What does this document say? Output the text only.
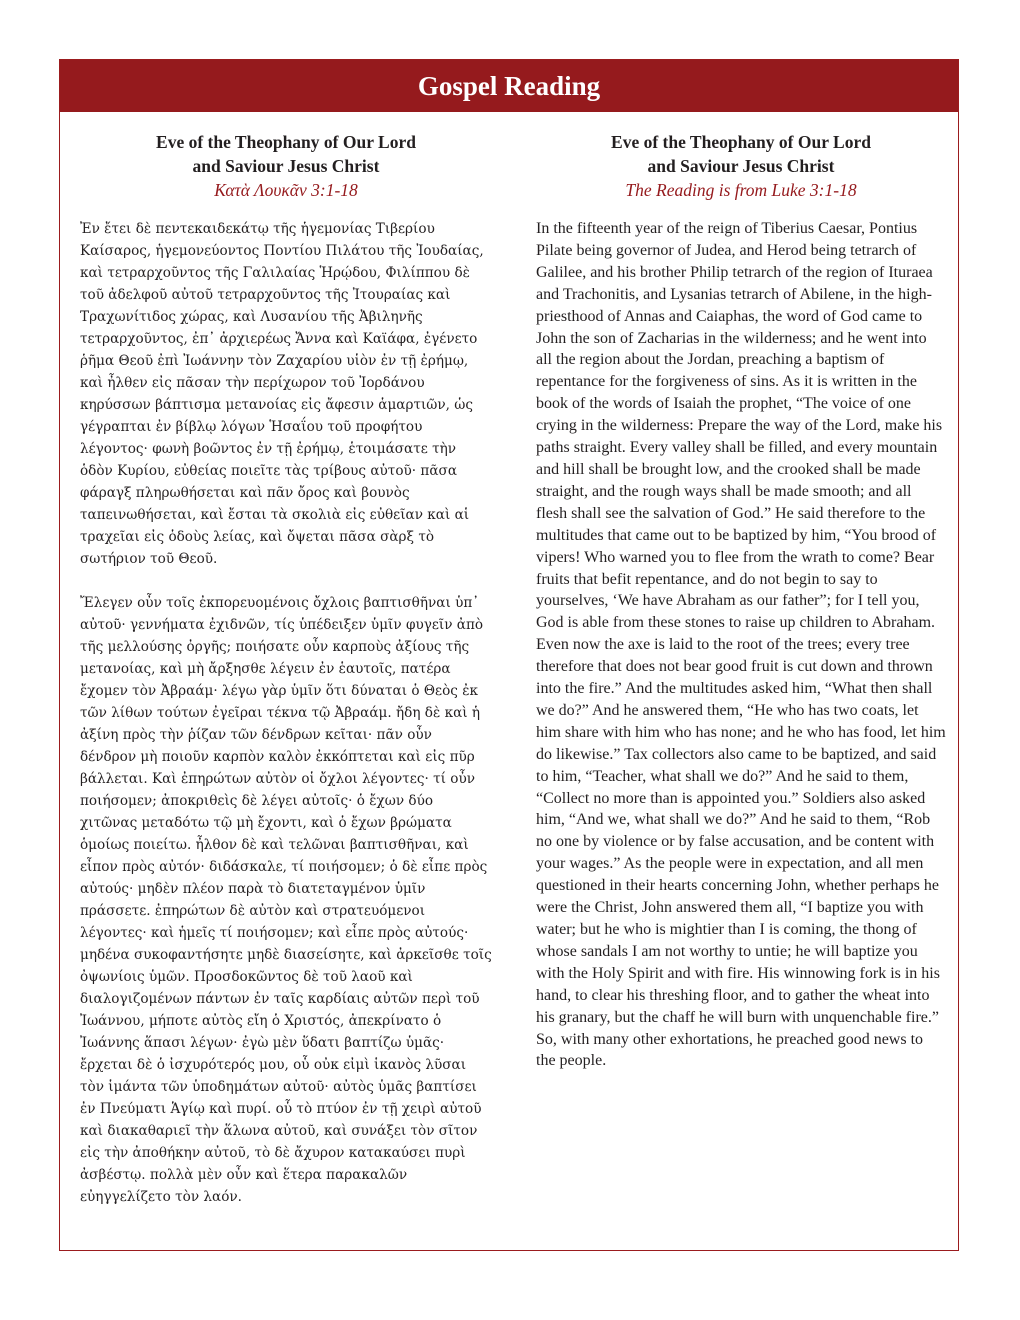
Gospel Reading
Eve of the Theophany of Our Lord
and Saviour Jesus Christ
Κατὰ Λουκᾶν 3:1-18

Ἐν ἔτει δὲ πεντεκαιδεκάτῳ τῆς ἡγεμονίας Τιβερίου Καίσαρος, ἡγεμονεύοντος Ποντίου Πιλάτου τῆς Ἰουδαίας, καὶ τετραρχοῦντος τῆς Γαλιλαίας Ἡρῴδου, Φιλίππου δὲ τοῦ ἀδελφοῦ αὐτοῦ τετραρχοῦντος τῆς Ἰτουραίας καὶ Τραχωνίτιδος χώρας, καὶ Λυσανίου τῆς Ἀβιληνῆς τετραρχοῦντος, ἐπ᾿ ἀρχιερέως Ἄννα καὶ Καϊάφα, ἐγένετο ῥῆμα Θεοῦ ἐπὶ Ἰωάννην τὸν Ζαχαρίου υἱὸν ἐν τῇ ἐρήμῳ, καὶ ἦλθεν εἰς πᾶσαν τὴν περίχωρον τοῦ Ἰορδάνου κηρύσσων βάπτισμα μετανοίας εἰς ἄφεσιν ἁμαρτιῶν, ὡς γέγραπται ἐν βίβλῳ λόγων Ἡσαΐου τοῦ προφήτου λέγοντος· φωνὴ βοῶντος ἐν τῇ ἐρήμῳ, ἑτοιμάσατε τὴν ὁδὸν Κυρίου, εὐθείας ποιεῖτε τὰς τρίβους αὐτοῦ· πᾶσα φάραγξ πληρωθήσεται καὶ πᾶν ὄρος καὶ βουνὸς ταπεινωθήσεται, καὶ ἔσται τὰ σκολιὰ εἰς εὐθεῖαν καὶ αἱ τραχεῖαι εἰς ὁδοὺς λείας, καὶ ὄψεται πᾶσα σὰρξ τὸ σωτήριον τοῦ Θεοῦ.

Ἔλεγεν οὖν τοῖς ἐκπορευομένοις ὄχλοις βαπτισθῆναι ὑπ᾿ αὐτοῦ· γεννήματα ἐχιδνῶν, τίς ὑπέδειξεν ὑμῖν φυγεῖν ἀπὸ τῆς μελλούσης ὀργῆς; ποιήσατε οὖν καρποὺς ἀξίους τῆς μετανοίας, καὶ μὴ ἄρξησθε λέγειν ἐν ἑαυτοῖς, πατέρα ἔχομεν τὸν Ἀβραάμ· λέγω γὰρ ὑμῖν ὅτι δύναται ὁ Θεὸς ἐκ τῶν λίθων τούτων ἐγεῖραι τέκνα τῷ Ἀβραάμ. ἤδη δὲ καὶ ἡ ἀξίνη πρὸς τὴν ῥίζαν τῶν δένδρων κεῖται· πᾶν οὖν δένδρον μὴ ποιοῦν καρπὸν καλὸν ἐκκόπτεται καὶ εἰς πῦρ βάλλεται. Καὶ ἐπηρώτων αὐτὸν οἱ ὄχλοι λέγοντες· τί οὖν ποιήσομεν; ἀποκριθεὶς δὲ λέγει αὐτοῖς· ὁ ἔχων δύο χιτῶνας μεταδότω τῷ μὴ ἔχοντι, καὶ ὁ ἔχων βρώματα ὁμοίως ποιείτω. ἦλθον δὲ καὶ τελῶναι βαπτισθῆναι, καὶ εἶπον πρὸς αὐτόν· διδάσκαλε, τί ποιήσομεν; ὁ δὲ εἶπε πρὸς αὐτούς· μηδὲν πλέον παρὰ τὸ διατεταγμένον ὑμῖν πράσσετε. ἐπηρώτων δὲ αὐτὸν καὶ στρατευόμενοι λέγοντες· καὶ ἡμεῖς τί ποιήσομεν; καὶ εἶπε πρὸς αὐτούς· μηδένα συκοφαντήσητε μηδὲ διασείσητε, καὶ ἀρκεῖσθε τοῖς ὀψωνίοις ὑμῶν. Προσδοκῶντος δὲ τοῦ λαοῦ καὶ διαλογιζομένων πάντων ἐν ταῖς καρδίαις αὐτῶν περὶ τοῦ Ἰωάννου, μήποτε αὐτὸς εἴη ὁ Χριστός, ἀπεκρίνατο ὁ Ἰωάννης ἅπασι λέγων· ἐγὼ μὲν ὕδατι βαπτίζω ὑμᾶς· ἔρχεται δὲ ὁ ἰσχυρότερός μου, οὗ οὐκ εἰμὶ ἱκανὸς λῦσαι τὸν ἱμάντα τῶν ὑποδημάτων αὐτοῦ· αὐτὸς ὑμᾶς βαπτίσει ἐν Πνεύματι Ἁγίῳ καὶ πυρί. οὗ τὸ πτύον ἐν τῇ χειρὶ αὐτοῦ καὶ διακαθαριεῖ τὴν ἅλωνα αὐτοῦ, καὶ συνάξει τὸν σῖτον εἰς τὴν ἀποθήκην αὐτοῦ, τὸ δὲ ἄχυρον κατακαύσει πυρὶ ἀσβέστῳ. πολλὰ μὲν οὖν καὶ ἕτερα παρακαλῶν εὐηγγελίζετο τὸν λαόν.

Eve of the Theophany of Our Lord
and Saviour Jesus Christ
The Reading is from Luke 3:1-18

In the fifteenth year of the reign of Tiberius Caesar, Pontius Pilate being governor of Judea, and Herod being tetrarch of Galilee, and his brother Philip tetrarch of the region of Ituraea and Trachonitis, and Lysanias tetrarch of Abilene, in the high-priesthood of Annas and Caiaphas, the word of God came to John the son of Zacharias in the wilderness; and he went into all the region about the Jordan, preaching a baptism of repentance for the forgiveness of sins. As it is written in the book of the words of Isaiah the prophet, “The voice of one crying in the wilderness: Prepare the way of the Lord, make his paths straight. Every valley shall be filled, and every mountain and hill shall be brought low, and the crooked shall be made straight, and the rough ways shall be made smooth; and all flesh shall see the salvation of God.” He said therefore to the multitudes that came out to be baptized by him, “You brood of vipers! Who warned you to flee from the wrath to come? Bear fruits that befit repentance, and do not begin to say to yourselves, ‘We have Abraham as our father”; for I tell you, God is able from these stones to raise up children to Abraham. Even now the axe is laid to the root of the trees; every tree therefore that does not bear good fruit is cut down and thrown into the fire.” And the multitudes asked him, “What then shall we do?” And he answered them, “He who has two coats, let him share with him who has none; and he who has food, let him do likewise.” Tax collectors also came to be baptized, and said to him, “Teacher, what shall we do?” And he said to them, “Collect no more than is appointed you.” Soldiers also asked him, “And we, what shall we do?” And he said to them, “Rob no one by violence or by false accusation, and be content with your wages.” As the people were in expectation, and all men questioned in their hearts concerning John, whether perhaps he were the Christ, John answered them all, “I baptize you with water; but he who is mightier than I is coming, the thong of whose sandals I am not worthy to untie; he will baptize you with the Holy Spirit and with fire. His winnowing fork is in his hand, to clear his threshing floor, and to gather the wheat into his granary, but the chaff he will burn with unquenchable fire.” So, with many other exhortations, he preached good news to the people.
